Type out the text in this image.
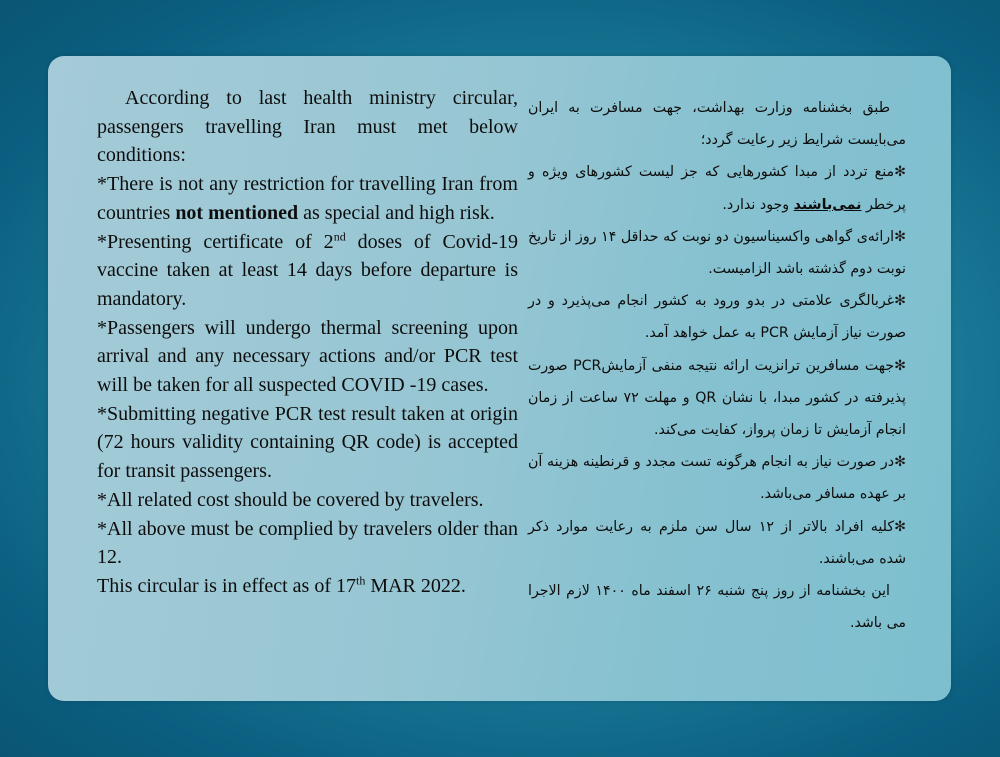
According to last health ministry circular, passengers travelling Iran must met below conditions:

*There is not any restriction for travelling Iran from countries not mentioned as special and high risk.

*Presenting certificate of 2nd doses of Covid-19 vaccine taken at least 14 days before departure is mandatory.

*Passengers will undergo thermal screening upon arrival and any necessary actions and/or PCR test will be taken for all suspected COVID -19 cases.

*Submitting negative PCR test result taken at origin (72 hours validity containing QR code) is accepted for transit passengers.

*All related cost should be covered by travelers.

*All above must be complied by travelers older than 12.

This circular is in effect as of 17th MAR 2022.

طبق بخشنامه وزارت بهداشت، جهت مسافرت به ایران می‌بایست شرایط زیر رعایت گردد؛

✻منع تردد از مبدا کشورهایی که جز لیست کشورهای ویژه و پرخطر نمی‌باشند وجود ندارد.

✻ارائه‌ی گواهی واکسیناسیون دو نوبت که حداقل ۱۴ روز از تاریخ نوبت دوم گذشته باشد الزامیست.

✻غربالگری علامتی در بدو ورود به کشور انجام می‌پذیرد و در صورت نیاز آزمایش PCR به عمل خواهد آمد.

✻جهت مسافرین ترانزیت ارائه نتیجه منفی آزمایشPCR صورت پذیرفته در کشور مبدا، با نشان QR و مهلت ۷۲ ساعت از زمان انجام آزمایش تا زمان پرواز، کفایت می‌کند.

✻در صورت نیاز به انجام هرگونه تست مجدد و قرنطینه هزینه آن بر عهده مسافر می‌باشد.

✻کلیه افراد بالاتر از ۱۲ سال سن ملزم به رعایت موارد ذکر شده می‌باشند.

این بخشنامه از روز پنج شنبه ۲۶ اسفند ماه ۱۴۰۰ لازم الاجرا می باشد.
